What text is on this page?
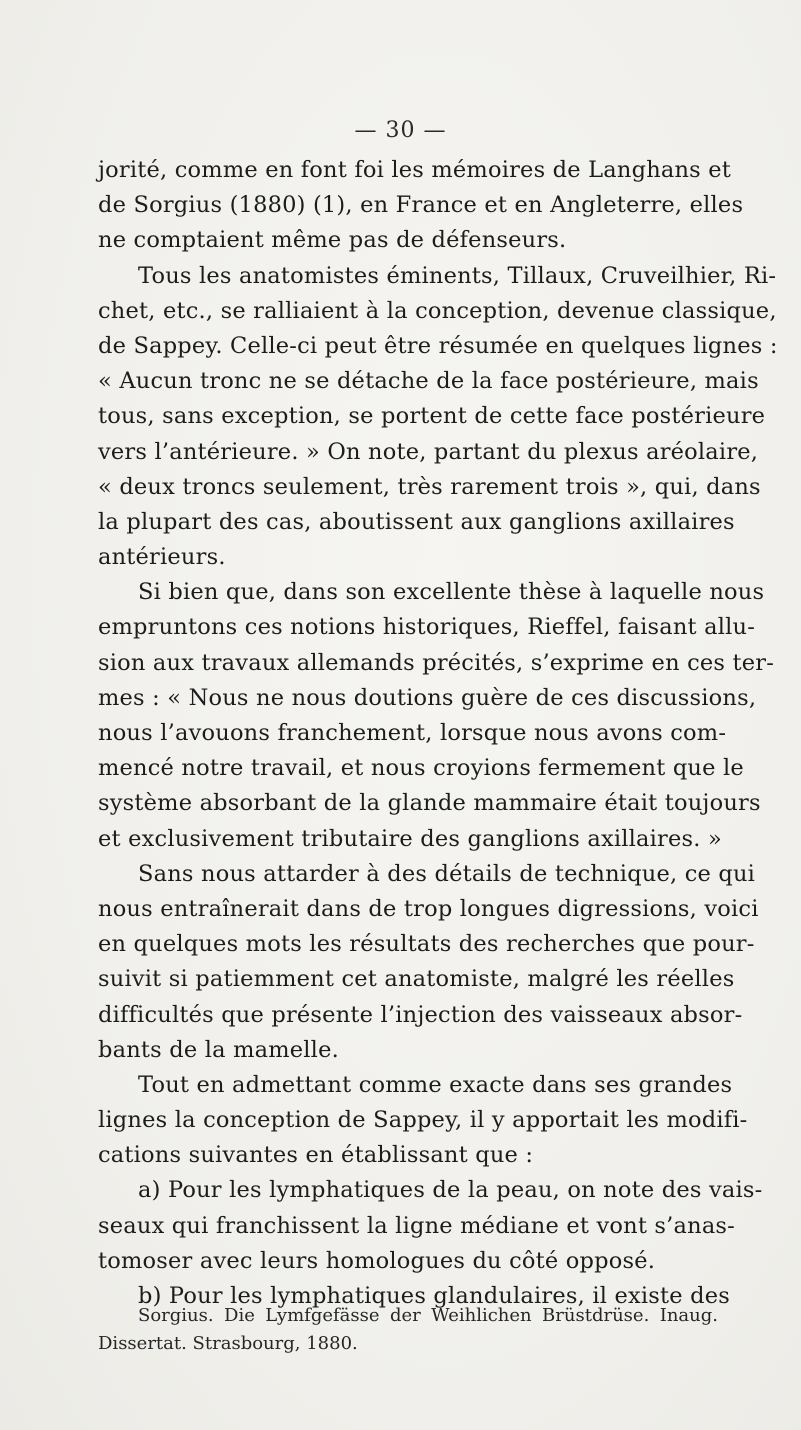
— 30 —
jorité, comme en font foi les mémoires de Langhans et
de Sorgius (1880) (1), en France et en Angleterre, elles
ne comptaient même pas de défenseurs.
Tous les anatomistes éminents, Tillaux, Cruveilhier, Ri-
chet, etc., se ralliaient à la conception, devenue classique,
de Sappey. Celle-ci peut être résumée en quelques lignes :
« Aucun tronc ne se détache de la face postérieure, mais
tous, sans exception, se portent de cette face postérieure
vers l’antérieure. » On note, partant du plexus aréolaire,
« deux troncs seulement, très rarement trois », qui, dans
la plupart des cas, aboutissent aux ganglions axillaires
antérieurs.
Si bien que, dans son excellente thèse à laquelle nous
empruntons ces notions historiques, Rieffel, faisant allu-
sion aux travaux allemands précités, s’exprime en ces ter-
mes : « Nous ne nous doutions guère de ces discussions,
nous l’avouons franchement, lorsque nous avons com-
mencé notre travail, et nous croyions fermement que le
système absorbant de la glande mammaire était toujours
et exclusivement tributaire des ganglions axillaires. »
Sans nous attarder à des détails de technique, ce qui
nous entraînerait dans de trop longues digressions, voici
en quelques mots les résultats des recherches que pour-
suivit si patiemment cet anatomiste, malgré les réelles
difficultés que présente l’injection des vaisseaux absor-
bants de la mamelle.
Tout en admettant comme exacte dans ses grandes
lignes la conception de Sappey, il y apportait les modifi-
cations suivantes en établissant que :
a) Pour les lymphatiques de la peau, on note des vais-
seaux qui franchissent la ligne médiane et vont s’anas-
tomoser avec leurs homologues du côté opposé.
b) Pour les lymphatiques glandulaires, il existe des
Sorgius. Die Lymfgefässe der Weihlichen Brüstdrüse. Inaug.
Dissertat. Strasbourg, 1880.
